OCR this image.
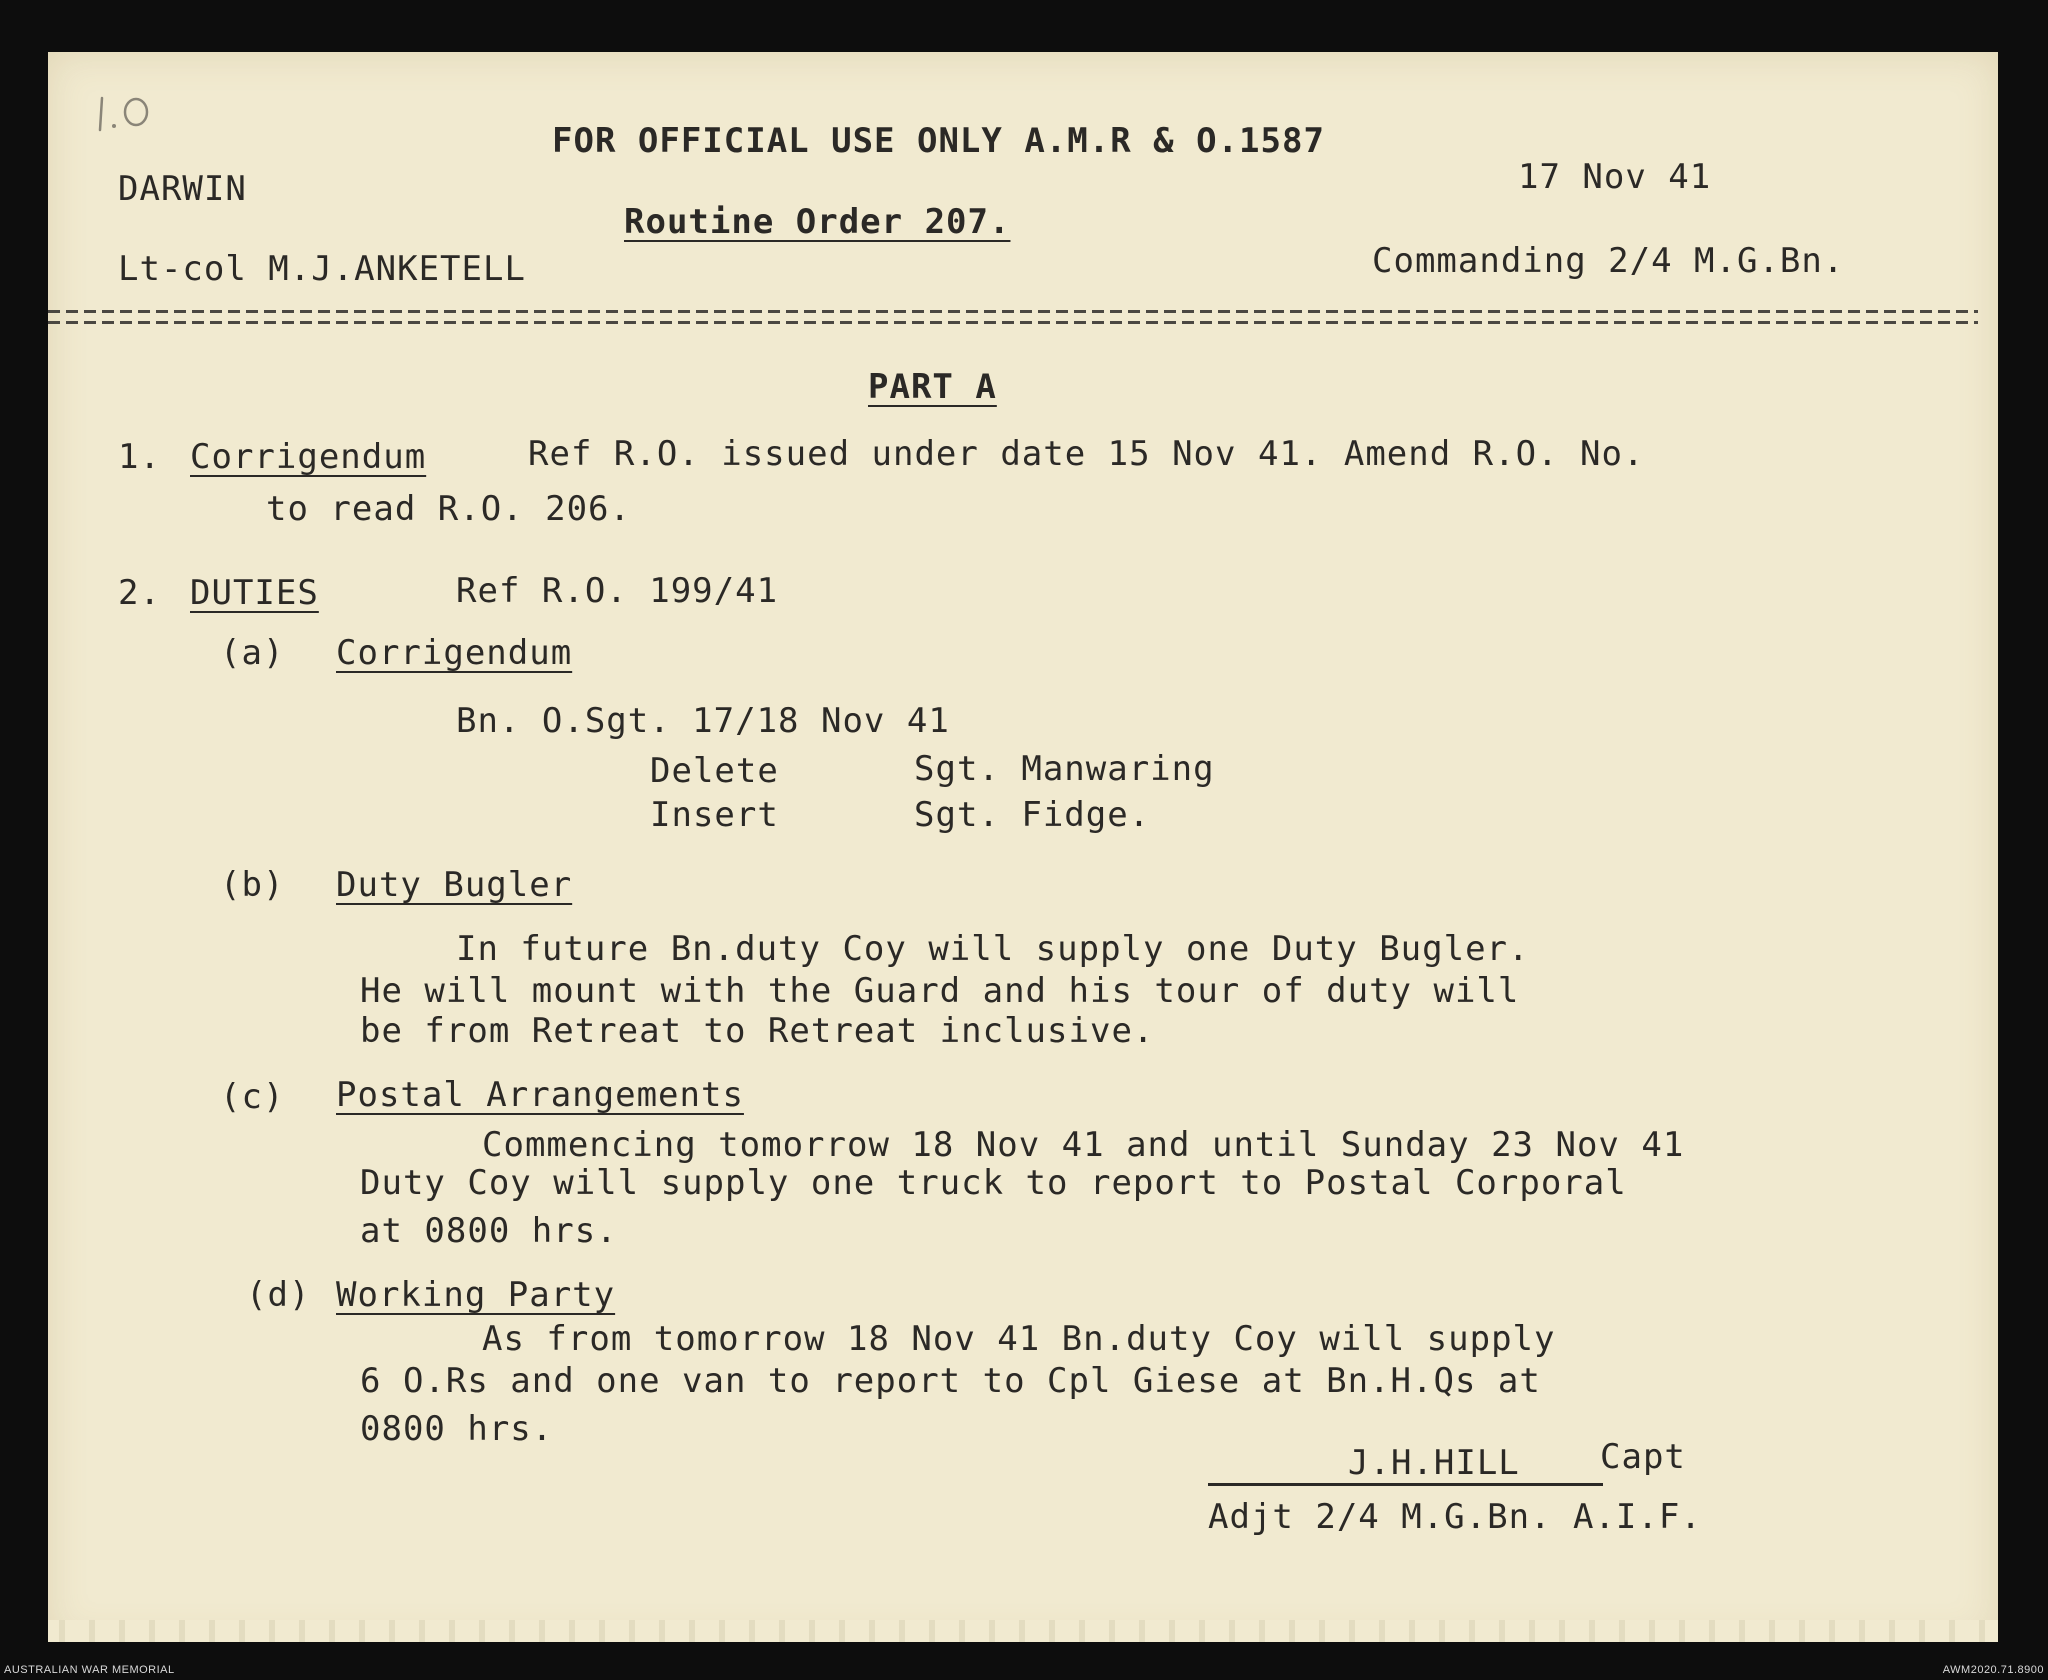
FOR OFFICIAL USE ONLY A.M.R & O.1587
DARWIN	17 Nov 41
Routine Order 207.
Lt-col M.J.ANKETELL	Commanding 2/4 M.G.Bn.
PART A
1. Corrigendum	Ref R.O. issued under date 15 Nov 41. Amend R.O. No.
to read R.O. 206.
2. DUTIES	Ref R.O. 199/41
(a) Corrigendum
Bn. O.Sgt. 17/18 Nov 41
Delete	Sgt. Manwaring
Insert	Sgt. Fidge.
(b) Duty Bugler
In future Bn.duty Coy will supply one Duty Bugler.
He will mount with the Guard and his tour of duty will
be from Retreat to Retreat inclusive.
(c) Postal Arrangements
Commencing tomorrow 18 Nov 41 and until Sunday 23 Nov 41
Duty Coy will supply one truck to report to Postal Corporal
at 0800 hrs.
(d) Working Party
As from tomorrow 18 Nov 41 Bn.duty Coy will supply
6 O.Rs and one van to report to Cpl Giese at Bn.H.Qs at
0800 hrs.
J.H.HILL Capt
Adjt 2/4 M.G.Bn. A.I.F.
AUSTRALIAN WAR MEMORIAL	AWM2020.71.8900
